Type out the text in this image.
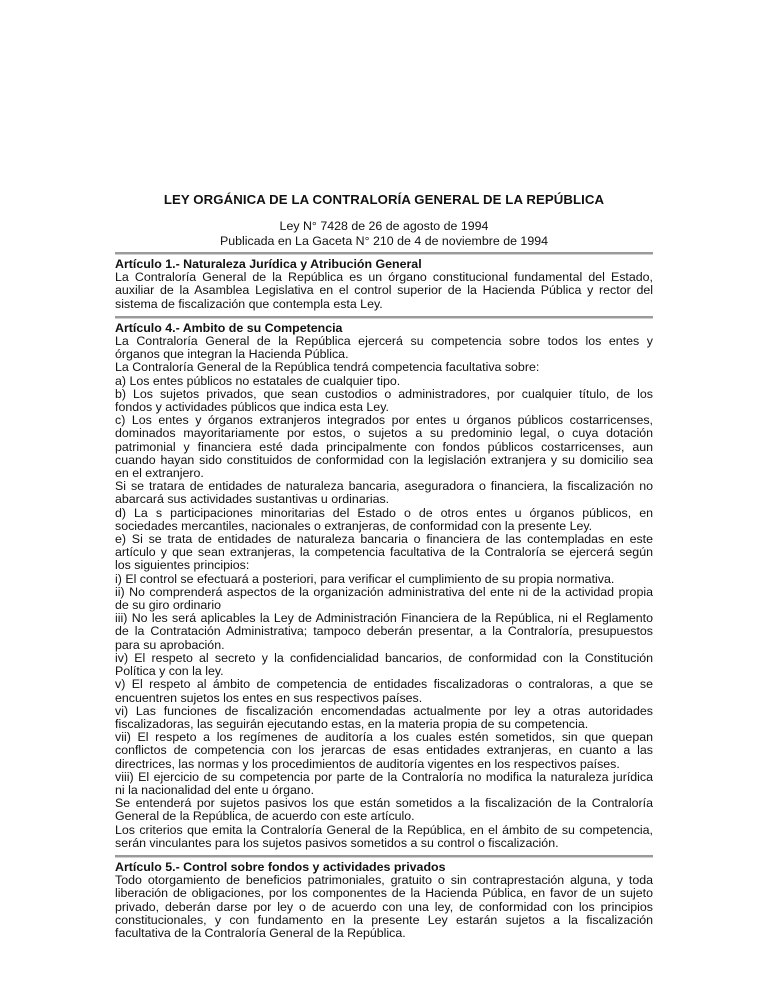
LEY ORGÁNICA DE LA CONTRALORÍA GENERAL DE LA REPÚBLICA
Ley N° 7428 de 26 de agosto de 1994
Publicada en La Gaceta N° 210 de 4 de noviembre de 1994
Artículo 1.- Naturaleza Jurídica y Atribución General
La Contraloría General de la República es un órgano constitucional fundamental del Estado,
auxiliar de la Asamblea Legislativa en el control superior de la Hacienda Pública y rector del
sistema de fiscalización que contempla esta Ley.
Artículo 4.- Ambito de su Competencia
La Contraloría General de la República ejercerá su competencia sobre todos los entes y
órganos que integran la Hacienda Pública.
La Contraloría General de la República tendrá competencia facultativa sobre:
a) Los entes públicos no estatales de cualquier tipo.
b) Los sujetos privados, que sean custodios o administradores, por cualquier título, de los
fondos y actividades públicos que indica esta Ley.
c) Los entes y órganos extranjeros integrados por entes u órganos públicos costarricenses,
dominados mayoritariamente por estos, o sujetos a su predominio legal, o cuya dotación
patrimonial y financiera esté dada principalmente con fondos públicos costarricenses, aun
cuando hayan sido constituidos de conformidad con la legislación extranjera y su domicilio sea
en el extranjero.
Si se tratara de entidades de naturaleza bancaria, aseguradora o financiera, la fiscalización no
abarcará sus actividades sustantivas u ordinarias.
d) La s participaciones minoritarias del Estado o de otros entes u órganos públicos, en
sociedades mercantiles, nacionales o extranjeras, de conformidad con la presente Ley.
e) Si se trata de entidades de naturaleza bancaria o financiera de las contempladas en este
artículo y que sean extranjeras, la competencia facultativa de la Contraloría se ejercerá según
los siguientes principios:
i) El control se efectuará a posteriori, para verificar el cumplimiento de su propia normativa.
ii) No comprenderá aspectos de la organización administrativa del ente ni de la actividad propia
de su giro ordinario
iii) No les será aplicables la Ley de Administración Financiera de la República, ni el Reglamento
de la Contratación Administrativa; tampoco deberán presentar, a la Contraloría, presupuestos
para su aprobación.
iv) El respeto al secreto y la confidencialidad bancarios, de conformidad con la Constitución
Política y con la ley.
v) El respeto al ámbito de competencia de entidades fiscalizadoras o contraloras, a que se
encuentren sujetos los entes en sus respectivos países.
vi) Las funciones de fiscalización encomendadas actualmente por ley a otras autoridades
fiscalizadoras, las seguirán ejecutando estas, en la materia propia de su competencia.
vii) El respeto a los regímenes de auditoría a los cuales estén sometidos, sin que quepan
conflictos de competencia con los jerarcas de esas entidades extranjeras, en cuanto a las
directrices, las normas y los procedimientos de auditoría vigentes en los respectivos países.
viii) El ejercicio de su competencia por parte de la Contraloría no modifica la naturaleza jurídica
ni la nacionalidad del ente u órgano.
Se entenderá por sujetos pasivos los que están sometidos a la fiscalización de la Contraloría
General de la República, de acuerdo con este artículo.
Los criterios que emita la Contraloría General de la República, en el ámbito de su competencia,
serán vinculantes para los sujetos pasivos sometidos a su control o fiscalización.
Artículo 5.- Control sobre fondos y actividades privados
Todo otorgamiento de beneficios patrimoniales, gratuito o sin contraprestación alguna, y toda
liberación de obligaciones, por los componentes de la Hacienda Pública, en favor de un sujeto
privado, deberán darse por ley o de acuerdo con una ley, de conformidad con los principios
constitucionales, y con fundamento en la presente Ley estarán sujetos a la fiscalización
facultativa de la Contraloría General de la República.
